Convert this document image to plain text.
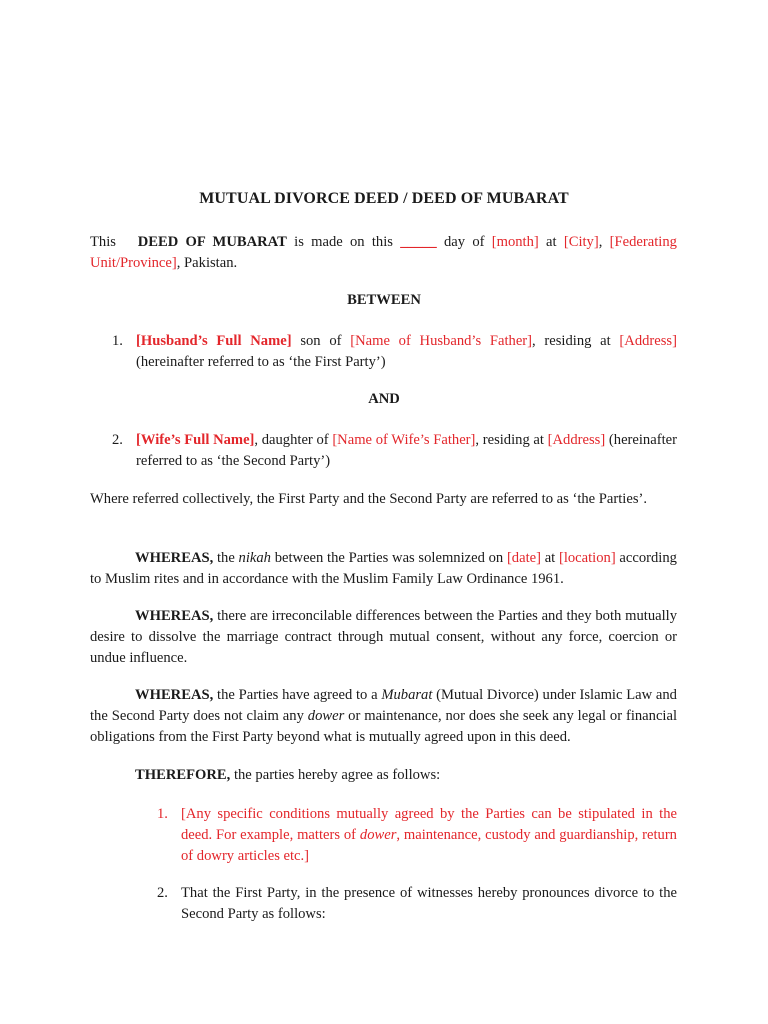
MUTUAL DIVORCE DEED / DEED OF MUBARAT
This DEED OF MUBARAT is made on this _____ day of [month] at [City], [Federating Unit/Province], Pakistan.
BETWEEN
1. [Husband’s Full Name] son of [Name of Husband’s Father], residing at [Address] (hereinafter referred to as ‘the First Party’)
AND
2. [Wife’s Full Name], daughter of [Name of Wife’s Father], residing at [Address] (hereinafter referred to as ‘the Second Party’)
Where referred collectively, the First Party and the Second Party are referred to as ‘the Parties’.
WHEREAS, the nikah between the Parties was solemnized on [date] at [location] according to Muslim rites and in accordance with the Muslim Family Law Ordinance 1961.
WHEREAS, there are irreconcilable differences between the Parties and they both mutually desire to dissolve the marriage contract through mutual consent, without any force, coercion or undue influence.
WHEREAS, the Parties have agreed to a Mubarat (Mutual Divorce) under Islamic Law and the Second Party does not claim any dower or maintenance, nor does she seek any legal or financial obligations from the First Party beyond what is mutually agreed upon in this deed.
THEREFORE, the parties hereby agree as follows:
1. [Any specific conditions mutually agreed by the Parties can be stipulated in the deed. For example, matters of dower, maintenance, custody and guardianship, return of dowry articles etc.]
2. That the First Party, in the presence of witnesses hereby pronounces divorce to the Second Party as follows:
